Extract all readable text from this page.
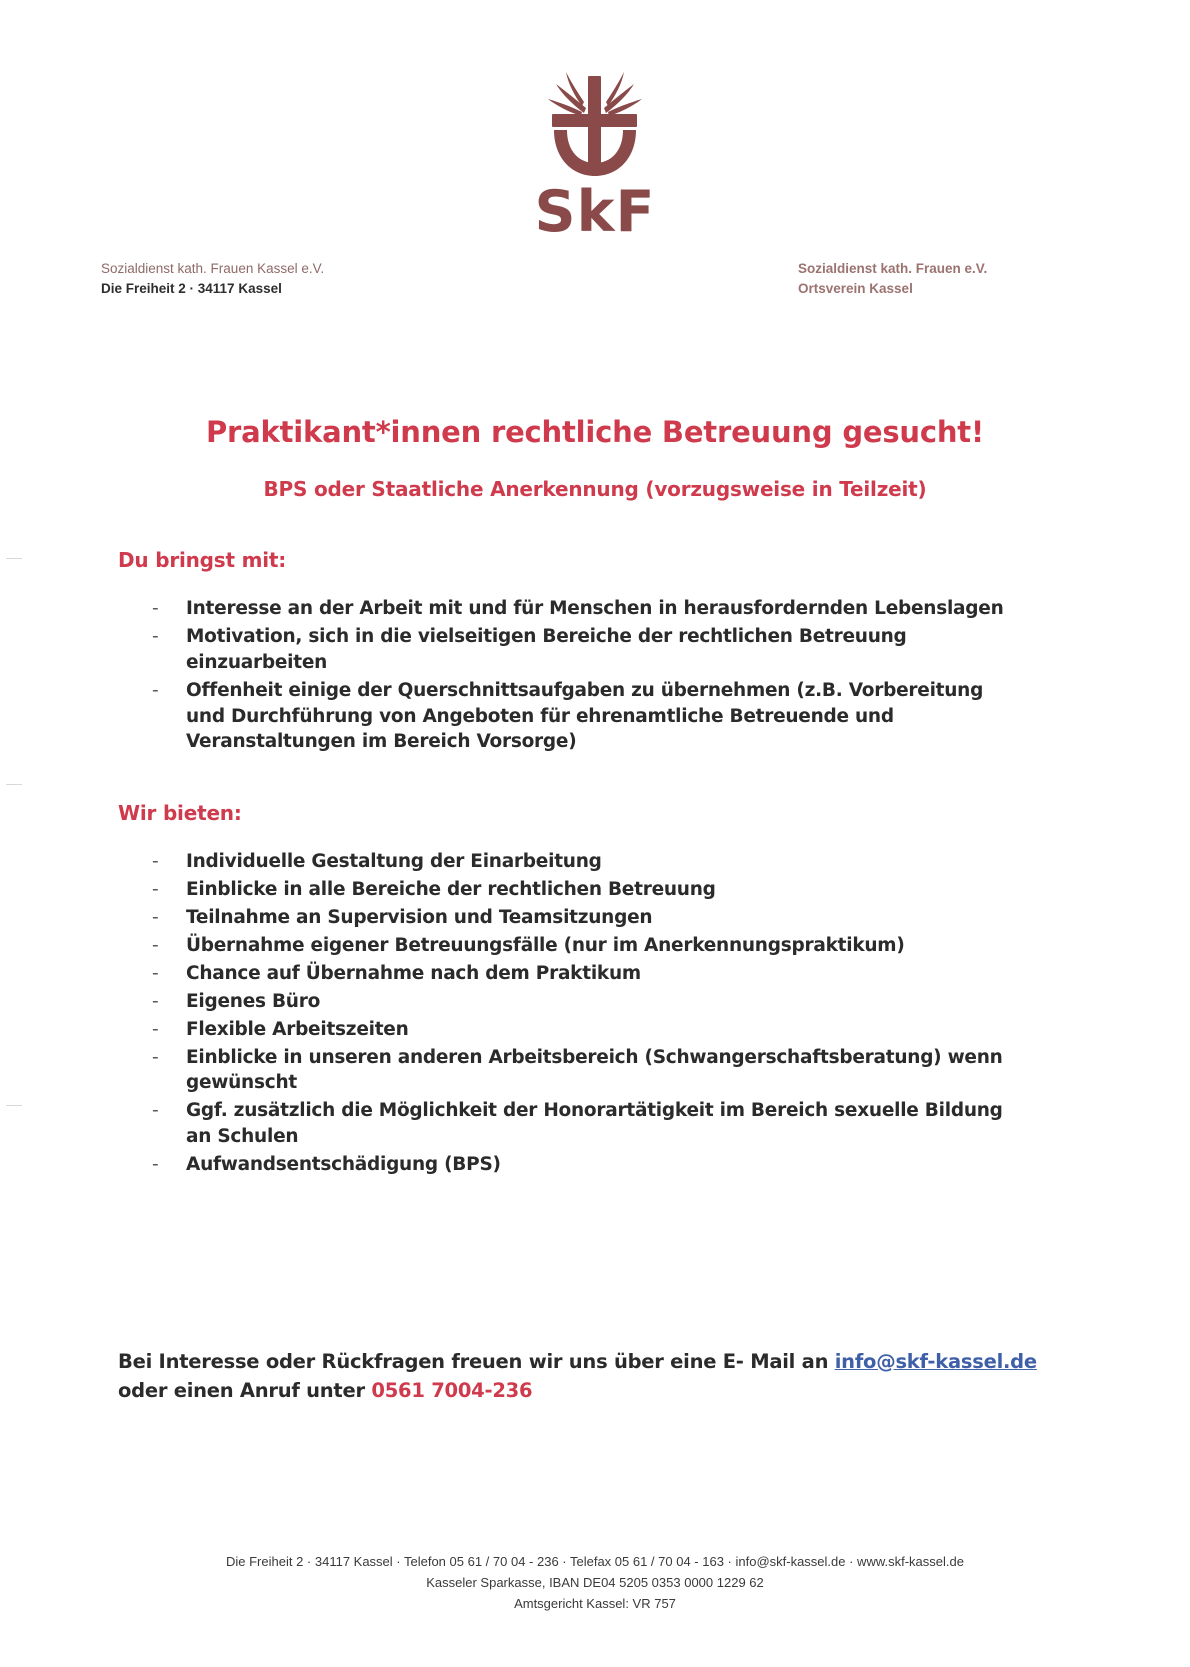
SkF
Sozialdienst kath. Frauen Kassel e.V.
Die Freiheit 2 · 34117 Kassel
Sozialdienst kath. Frauen e.V.
Ortsverein Kassel
Praktikant*innen rechtliche Betreuung gesucht!
BPS oder Staatliche Anerkennung (vorzugsweise in Teilzeit)
Du bringst mit:
- Interesse an der Arbeit mit und für Menschen in herausfordernden Lebenslagen
- Motivation, sich in die vielseitigen Bereiche der rechtlichen Betreuung einzuarbeiten
- Offenheit einige der Querschnittsaufgaben zu übernehmen (z.B. Vorbereitung und Durchführung von Angeboten für ehrenamtliche Betreuende und Veranstaltungen im Bereich Vorsorge)
Wir bieten:
- Individuelle Gestaltung der Einarbeitung
- Einblicke in alle Bereiche der rechtlichen Betreuung
- Teilnahme an Supervision und Teamsitzungen
- Übernahme eigener Betreuungsfälle (nur im Anerkennungspraktikum)
- Chance auf Übernahme nach dem Praktikum
- Eigenes Büro
- Flexible Arbeitszeiten
- Einblicke in unseren anderen Arbeitsbereich (Schwangerschaftsberatung) wenn gewünscht
- Ggf. zusätzlich die Möglichkeit der Honorartätigkeit im Bereich sexuelle Bildung an Schulen
- Aufwandsentschädigung (BPS)

Bei Interesse oder Rückfragen freuen wir uns über eine E- Mail an info@skf-kassel.de
oder einen Anruf unter 0561 7004-236

Die Freiheit 2 · 34117 Kassel · Telefon 05 61 / 70 04 - 236 · Telefax 05 61 / 70 04 - 163 · info@skf-kassel.de · www.skf-kassel.de
Kasseler Sparkasse, IBAN DE04 5205 0353 0000 1229 62
Amtsgericht Kassel: VR 757
